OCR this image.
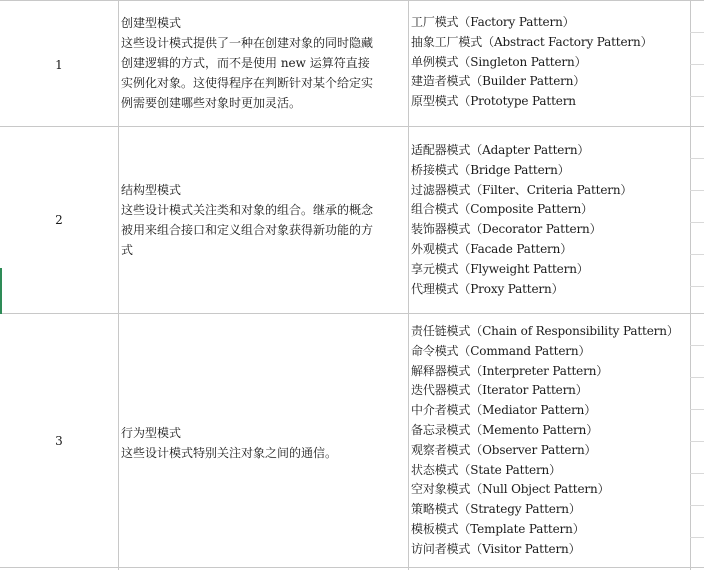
1
创建型模式
这些设计模式提供了一种在创建对象的同时隐藏
创建逻辑的方式，而不是使用 new 运算符直接
实例化对象。这使得程序在判断针对某个给定实
例需要创建哪些对象时更加灵活。
工厂模式（Factory Pattern）
抽象工厂模式（Abstract Factory Pattern）
单例模式（Singleton Pattern）
建造者模式（Builder Pattern）
原型模式（Prototype Pattern
2
结构型模式
这些设计模式关注类和对象的组合。继承的概念
被用来组合接口和定义组合对象获得新功能的方
式
适配器模式（Adapter Pattern）
桥接模式（Bridge Pattern）
过滤器模式（Filter、Criteria Pattern）
组合模式（Composite Pattern）
装饰器模式（Decorator Pattern）
外观模式（Facade Pattern）
享元模式（Flyweight Pattern）
代理模式（Proxy Pattern）
3
行为型模式
这些设计模式特别关注对象之间的通信。
责任链模式（Chain of Responsibility Pattern）
命令模式（Command Pattern）
解释器模式（Interpreter Pattern）
迭代器模式（Iterator Pattern）
中介者模式（Mediator Pattern）
备忘录模式（Memento Pattern）
观察者模式（Observer Pattern）
状态模式（State Pattern）
空对象模式（Null Object Pattern）
策略模式（Strategy Pattern）
模板模式（Template Pattern）
访问者模式（Visitor Pattern）
